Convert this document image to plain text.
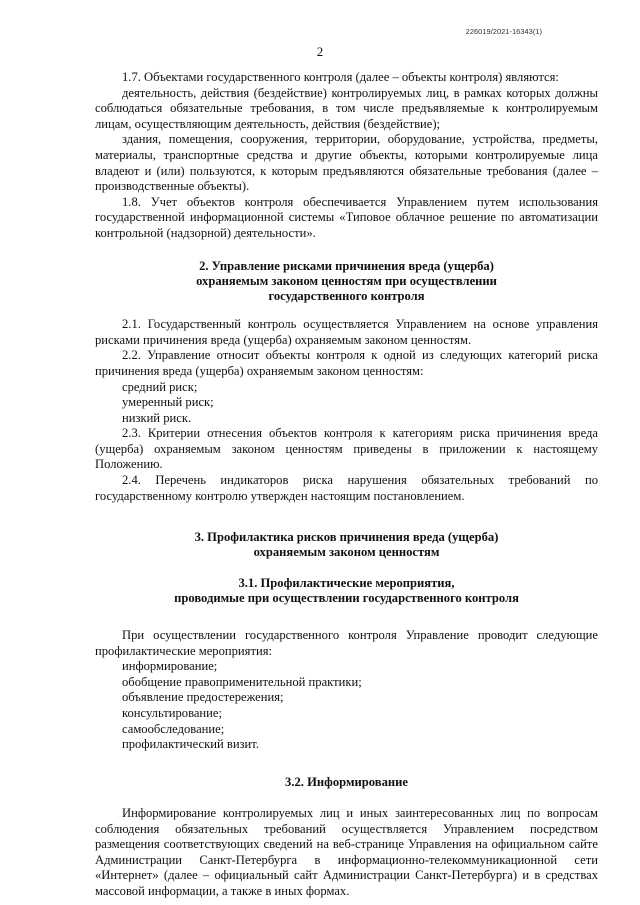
226019/2021-16343(1)
2

1.7. Объектами государственного контроля (далее – объекты контроля) являются:

деятельность, действия (бездействие) контролируемых лиц, в рамках которых должны соблюдаться обязательные требования, в том числе предъявляемые к контролируемым лицам, осуществляющим деятельность, действия (бездействие);

здания, помещения, сооружения, территории, оборудование, устройства, предметы, материалы, транспортные средства и другие объекты, которыми контролируемые лица владеют и (или) пользуются, к которым предъявляются обязательные требования (далее – производственные объекты).

1.8. Учет объектов контроля обеспечивается Управлением путем использования государственной информационной системы «Типовое облачное решение по автоматизации контрольной (надзорной) деятельности».

2. Управление рисками причинения вреда (ущерба)
охраняемым законом ценностям при осуществлении
государственного контроля

2.1. Государственный контроль осуществляется Управлением на основе управления рисками причинения вреда (ущерба) охраняемым законом ценностям.

2.2. Управление относит объекты контроля к одной из следующих категорий риска причинения вреда (ущерба) охраняемым законом ценностям:

средний риск;

умеренный риск;

низкий риск.

2.3. Критерии отнесения объектов контроля к категориям риска причинения вреда (ущерба) охраняемым законом ценностям приведены в приложении к настоящему Положению.

2.4. Перечень индикаторов риска нарушения обязательных требований по государственному контролю утвержден настоящим постановлением.

3. Профилактика рисков причинения вреда (ущерба)
охраняемым законом ценностям
3.1. Профилактические мероприятия,
проводимые при осуществлении государственного контроля

При осуществлении государственного контроля Управление проводит следующие профилактические мероприятия:

информирование;

обобщение правоприменительной практики;

объявление предостережения;

консультирование;

самообследование;

профилактический визит.

3.2. Информирование

Информирование контролируемых лиц и иных заинтересованных лиц по вопросам соблюдения обязательных требований осуществляется Управлением посредством размещения соответствующих сведений на веб-странице Управления на официальном сайте Администрации Санкт-Петербурга в информационно-телекоммуникационной сети «Интернет» (далее – официальный сайт Администрации Санкт-Петербурга) и в средствах массовой информации, а также в иных формах.
